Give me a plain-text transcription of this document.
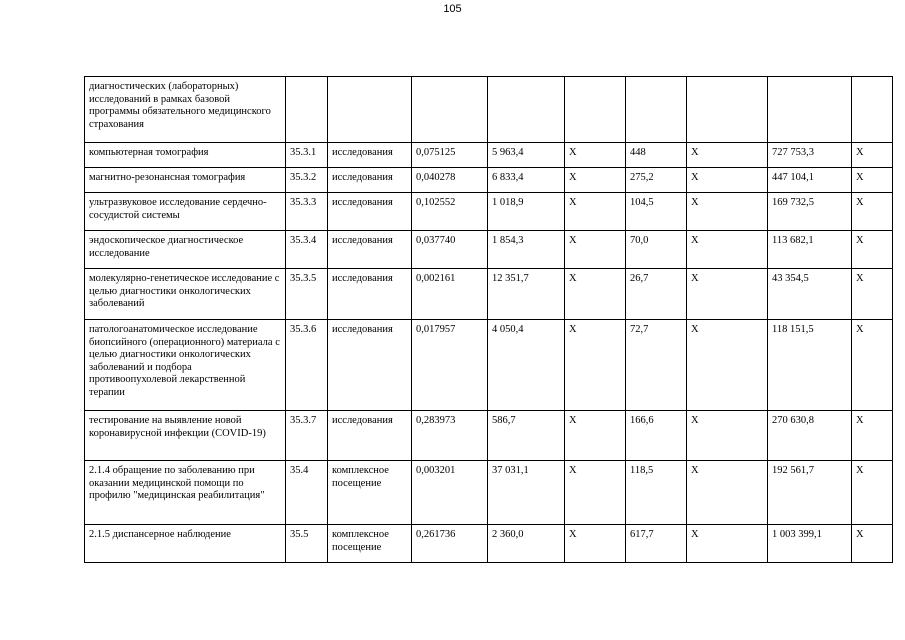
105
диагностических (лабораторных) исследований в рамках базовой программы обязательного медицинского страхования									
компьютерная томография	35.3.1	исследования	0,075125	5 963,4	Х	448	Х	727 753,3	Х
магнитно-резонансная томография	35.3.2	исследования	0,040278	6 833,4	Х	275,2	Х	447 104,1	Х
ультразвуковое исследование сердечно-сосудистой системы	35.3.3	исследования	0,102552	1 018,9	Х	104,5	Х	169 732,5	Х
эндоскопическое диагностическое исследование	35.3.4	исследования	0,037740	1 854,3	Х	70,0	Х	113 682,1	Х
молекулярно-генетическое исследование с целью диагностики онкологических заболеваний	35.3.5	исследования	0,002161	12 351,7	Х	26,7	Х	43 354,5	Х
патологоанатомическое исследование биопсийного (операционного) материала с целью диагностики онкологических заболеваний и подбора противоопухолевой лекарственной терапии	35.3.6	исследования	0,017957	4 050,4	Х	72,7	Х	118 151,5	Х
тестирование на выявление новой коронавирусной инфекции (COVID-19)	35.3.7	исследования	0,283973	586,7	Х	166,6	Х	270 630,8	Х
2.1.4 обращение по заболеванию при оказании медицинской помощи по профилю "медицинская реабилитация"	35.4	комплексное посещение	0,003201	37 031,1	Х	118,5	Х	192 561,7	Х
2.1.5 диспансерное наблюдение	35.5	комплексное посещение	0,261736	2 360,0	Х	617,7	Х	1 003 399,1	Х
